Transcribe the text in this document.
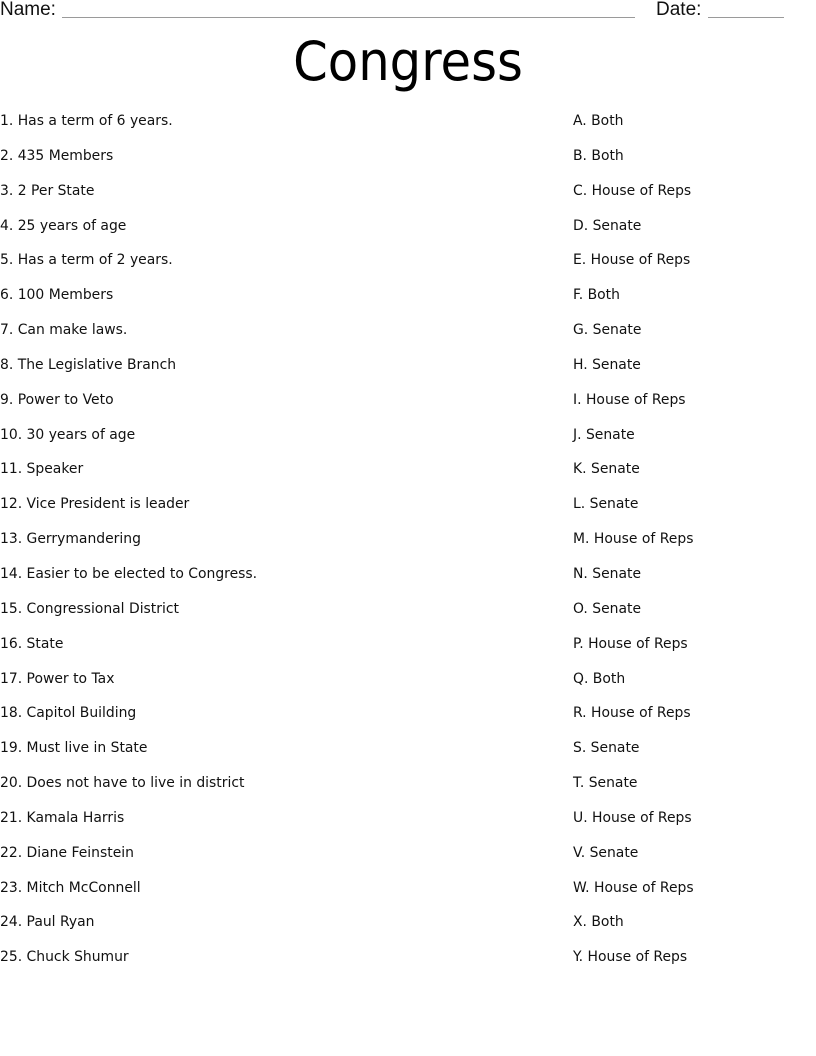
Name:	Date:
Congress
1. Has a term of 6 years.
2. 435 Members
3. 2 Per State
4. 25 years of age
5. Has a term of 2 years.
6. 100 Members
7. Can make laws.
8. The Legislative Branch
9. Power to Veto
10. 30 years of age
11. Speaker
12. Vice President is leader
13. Gerrymandering
14. Easier to be elected to Congress.
15. Congressional District
16. State
17. Power to Tax
18. Capitol Building
19. Must live in State
20. Does not have to live in district
21. Kamala Harris
22. Diane Feinstein
23. Mitch McConnell
24. Paul Ryan
25. Chuck Shumur
A. Both
B. Both
C. House of Reps
D. Senate
E. House of Reps
F. Both
G. Senate
H. Senate
I. House of Reps
J. Senate
K. Senate
L. Senate
M. House of Reps
N. Senate
O. Senate
P. House of Reps
Q. Both
R. House of Reps
S. Senate
T. Senate
U. House of Reps
V. Senate
W. House of Reps
X. Both
Y. House of Reps
